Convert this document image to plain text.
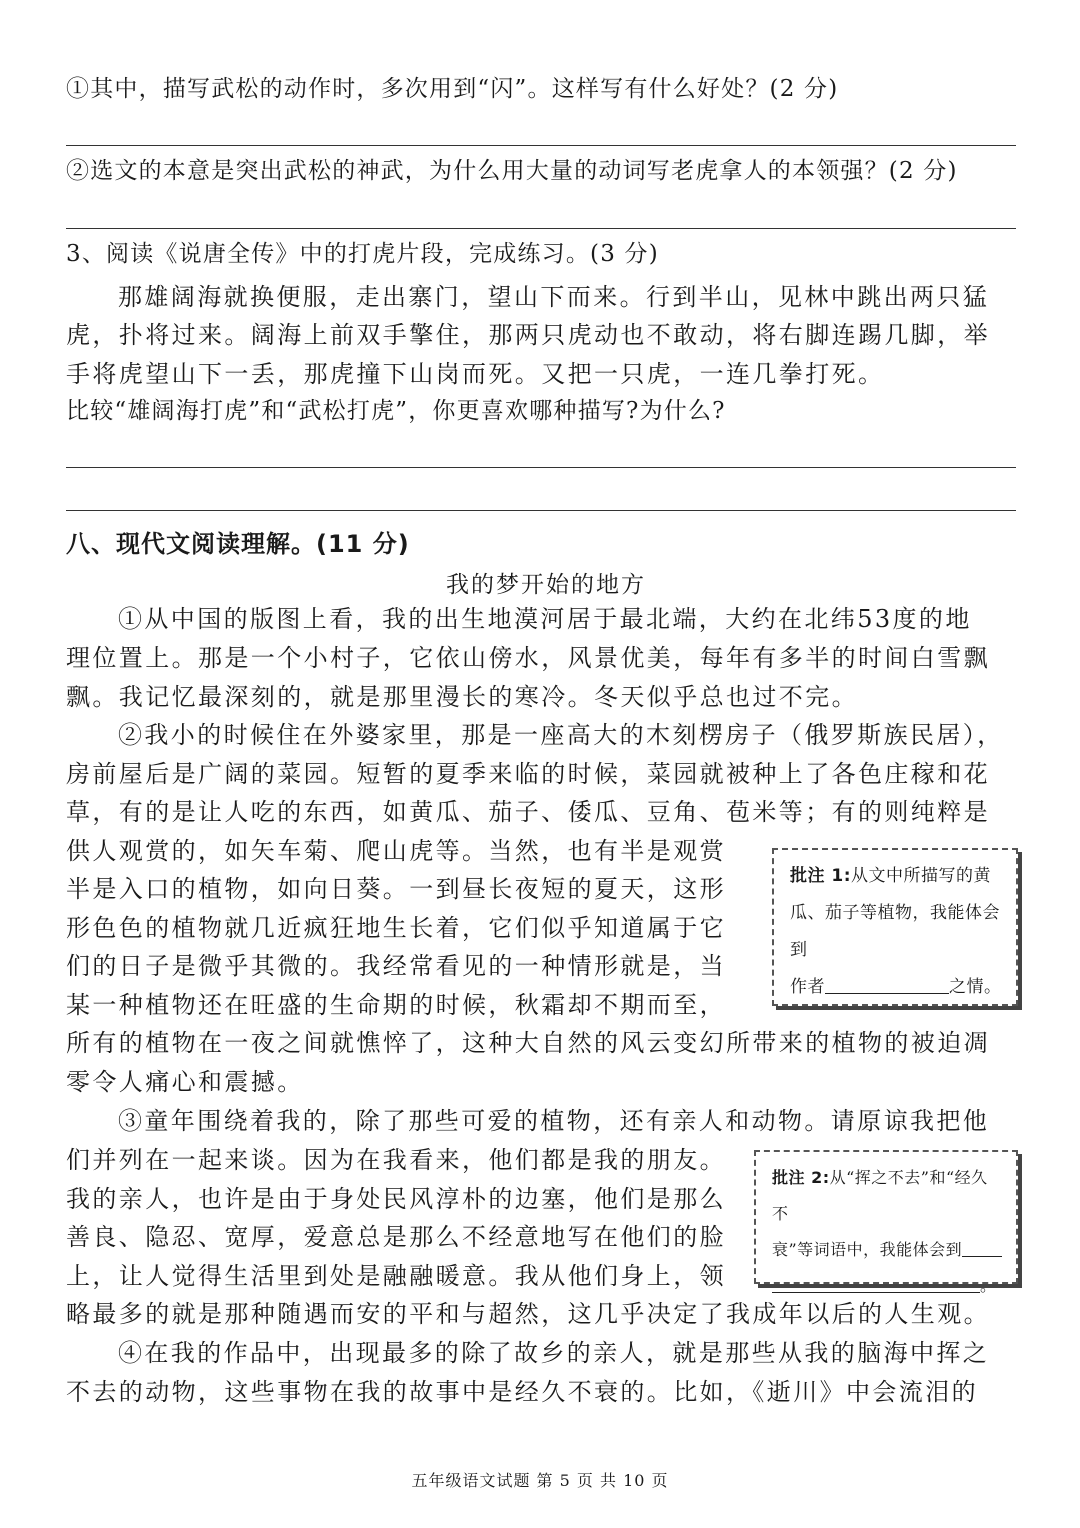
①其中，描写武松的动作时，多次用到“闪”。这样写有什么好处？(2 分)
②选文的本意是突出武松的神武，为什么用大量的动词写老虎拿人的本领强？(2 分)
3、阅读《说唐全传》中的打虎片段，完成练习。(3 分)
那雄阔海就换便服，走出寨门，望山下而来。行到半山，见林中跳出两只猛
虎，扑将过来。阔海上前双手擎住，那两只虎动也不敢动，将右脚连踢几脚，举
手将虎望山下一丢，那虎撞下山岗而死。又把一只虎，一连几拳打死。
比较“雄阔海打虎”和“武松打虎”，你更喜欢哪种描写?为什么?
八、现代文阅读理解。(11 分)
我的梦开始的地方
①从中国的版图上看，我的出生地漠河居于最北端，大约在北纬53度的地
理位置上。那是一个小村子，它依山傍水，风景优美，每年有多半的时间白雪飘
飘。我记忆最深刻的，就是那里漫长的寒冷。冬天似乎总也过不完。
②我小的时候住在外婆家里，那是一座高大的木刻楞房子（俄罗斯族民居），
房前屋后是广阔的菜园。短暂的夏季来临的时候，菜园就被种上了各色庄稼和花
草，有的是让人吃的东西，如黄瓜、茄子、倭瓜、豆角、苞米等；有的则纯粹是
供人观赏的，如矢车菊、爬山虎等。当然，也有半是观赏
半是入口的植物，如向日葵。一到昼长夜短的夏天，这形
形色色的植物就几近疯狂地生长着，它们似乎知道属于它
们的日子是微乎其微的。我经常看见的一种情形就是，当
某一种植物还在旺盛的生命期的时候，秋霜却不期而至，
所有的植物在一夜之间就憔悴了，这种大自然的风云变幻所带来的植物的被迫凋
零令人痛心和震撼。
批注 1:从文中所描写的黄
瓜、茄子等植物，我能体会到
作者	之情。
③童年围绕着我的，除了那些可爱的植物，还有亲人和动物。请原谅我把他
们并列在一起来谈。因为在我看来，他们都是我的朋友。
我的亲人，也许是由于身处民风淳朴的边塞，他们是那么
善良、隐忍、宽厚，爱意总是那么不经意地写在他们的脸
上，让人觉得生活里到处是融融暖意。我从他们身上，领
略最多的就是那种随遇而安的平和与超然，这几乎决定了我成年以后的人生观。
批注 2:从“挥之不去”和“经久不
衰”等词语中，我能体会到
。
④在我的作品中，出现最多的除了故乡的亲人，就是那些从我的脑海中挥之
不去的动物，这些事物在我的故事中是经久不衰的。比如，《逝川》中会流泪的
五年级语文试题 第 5 页 共 10 页
